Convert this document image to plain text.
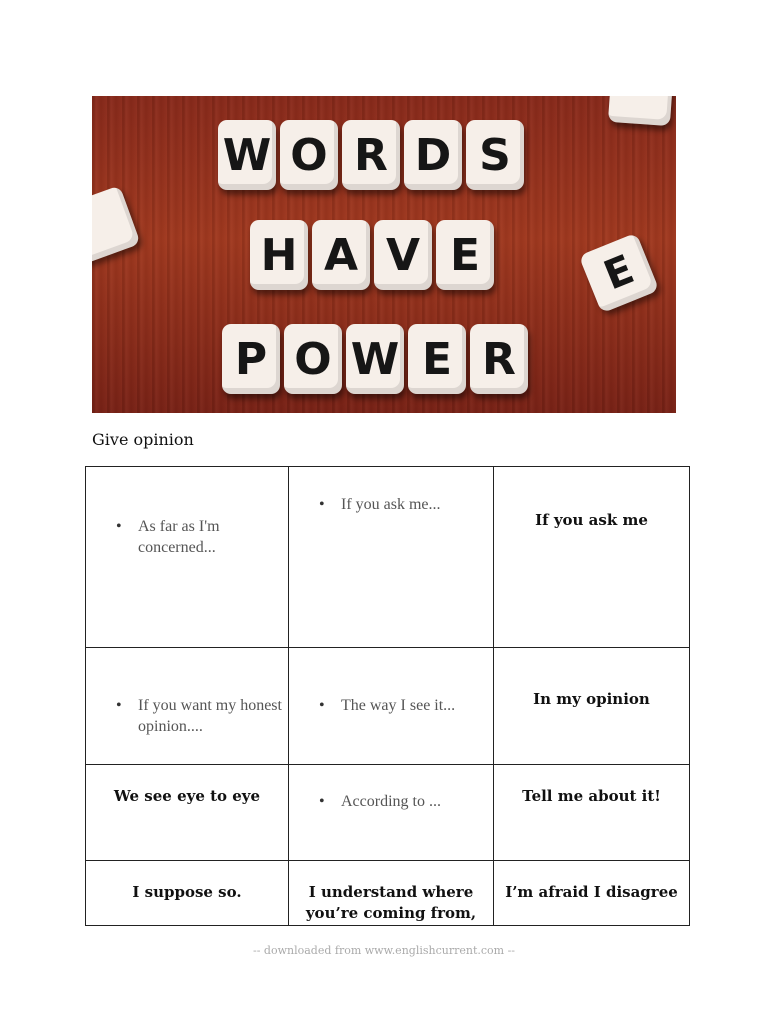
W O R D S
H A V E
P O W E R
E
Give opinion
• As far as I'm concerned...	• If you ask me...	If you ask me

• If you want my honest opinion....	• The way I see it...	In my opinion

We see eye to eye	• According to ...	Tell me about it!

I suppose so.	I understand where you’re coming from,	I’m afraid I disagree
-- downloaded from www.englishcurrent.com --
